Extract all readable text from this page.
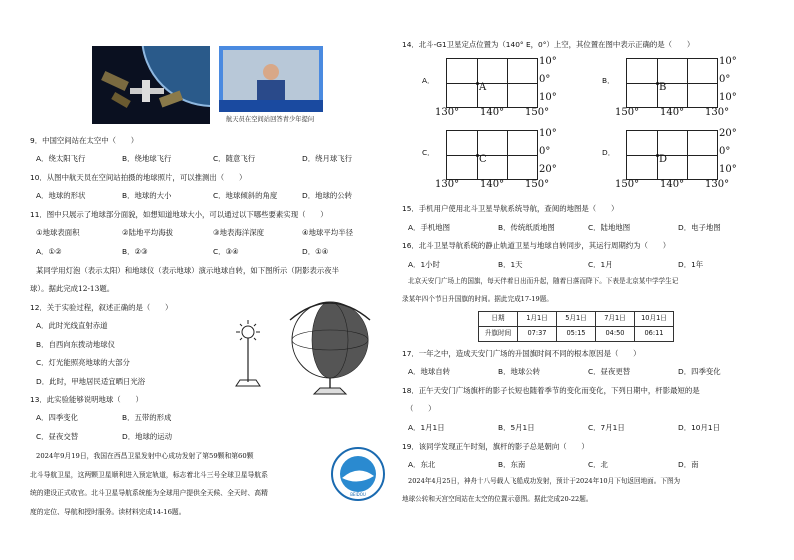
航天员在空间站回答青少年提问
9．中国空间站在太空中（　　）
A．绕太阳飞行	B．绕地球飞行	C．随意飞行	D．绕月球飞行
10．从图中航天员在空间站拍摄的地球照片，可以推测出（　　）
A．地球的形状	B．地球的大小	C．地球倾斜的角度	D．地球的公转
11．图中只展示了地球部分面貌，如想知道地球大小，可以通过以下哪些要素实现（　　）
①地球表面积	②陆地平均海拔	③地表海洋深度	④地球平均半径
A．①②	B．②③	C．③④	D．①④
某同学用灯泡（表示太阳）和地球仪（表示地球）演示地球自转，如下图所示（阴影表示夜半
球）。据此完成12-13题。
12．关于实验过程，叙述正确的是（　　）
A．此时光线直射赤道
B．自西向东拨动地球仪
C．灯光能照亮地球的大部分
D．此时，甲地居民适宜晒日光浴
13．此实验能够说明地球（　　）
A．四季变化	B．五带的形成
C．昼夜交替	D．地球的运动
2024年9月19日，我国在西昌卫星发射中心成功发射了第59颗和第60颗
北斗导航卫星，这两颗卫星顺利进入预定轨道，标志着北斗三号全球卫星导航系
统的建设正式收官。北斗卫星导航系统能为全球用户提供全天候、全天时、高精
度的定位、导航和授时服务。读材料完成14-16题。
BEIDOU
14．北斗-G1卫星定点位置为（140° E，0°）上空，其位置在图中表示正确的是（　　）
A．
A
10°
0°
10°
130° 140° 150°
B．
B
10°
0°
10°
150° 140° 130°
C．
C
10°
0°
20°
130° 140° 150°
D．
D
20°
0°
10°
150° 140° 130°
15．手机用户使用北斗卫星导航系统导航，查阅的地图是（　　）
A．手机地图	B．传统纸质地图	C．陆地地图	D．电子地图
16．北斗卫星导航系统的静止轨道卫星与地球自转同步，其运行周期约为（　　）
A．1小时	B．1天	C．1月	D．1年
北京天安门广场上的国旗，每天伴着日出而升起，随着日落而降下。下表是北京某中学学生记
录某年四个节日升国旗的时间。据此完成17-19题。
日期	1月1日	5月1日	7月1日	10月1日
升旗时间	07:37	05:15	04:50	06:11
17．一年之中，造成天安门广场的升国旗时间不同的根本原因是（　　）
A．地球自转	B．地球公转	C．昼夜更替	D．四季变化
18．正午天安门广场旗杆的影子长短也随着季节的变化而变化，下列日期中，杆影最短的是
（　　）
A．1月1日	B．5月1日	C．7月1日	D．10月1日
19．该同学发现正午时刻，旗杆的影子总是朝向（　　）
A．东北	B．东南	C．北	D．南
2024年4月25日，神舟十八号载人飞船成功发射，预计于2024年10月下旬返回地面。下图为
地球公转和天宫空间站在太空的位置示意图。据此完成20-22题。
